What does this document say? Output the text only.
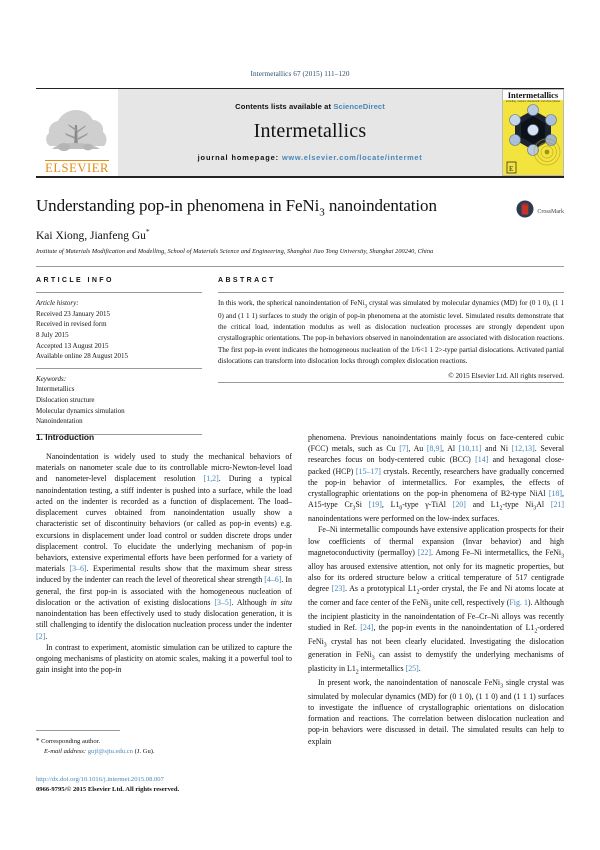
Intermetallics 67 (2015) 111–120
ELSEVIER
Contents lists available at ScienceDirect
Intermetallics
journal homepage: www.elsevier.com/locate/intermet
Intermetallics
including: complex, intermetallic and related phases
E
Understanding pop-in phenomena in FeNi$_3$ nanoindentation
Kai Xiong, Jianfeng Gu*
Institute of Materials Modification and Modelling, School of Materials Science and Engineering, Shanghai Jiao Tong University, Shanghai 200240, China
CrossMark
ARTICLE INFO
Article history:
Received 23 January 2015
Received in revised form
8 July 2015
Accepted 13 August 2015
Available online 28 August 2015
Keywords:
Intermetallics
Dislocation structure
Molecular dynamics simulation
Nanoindentation
ABSTRACT
In this work, the spherical nanoindentation of FeNi$_3$ crystal was simulated by molecular dynamics (MD) for (0 1 0), (1 1 0) and (1 1 1) surfaces to study the origin of pop-in phenomena at the atomistic level. Simulated results demonstrate that the critical load, indentation modulus as well as dislocation nucleation processes are strongly dependent upon crystallographic orientations. The pop-in behaviors observed in nanoindentation are associated with dislocation reactions. The first pop-in event indicates the homogeneous nucleation of the 1/6<1 1 2>-type partial dislocations. Activated partial dislocations can transform into dislocation locks through complex dislocation reactions.
© 2015 Elsevier Ltd. All rights reserved.
1. Introduction

Nanoindentation is widely used to study the mechanical behaviors of materials on nanometer scale due to its controllable micro-Newton-level load and nanometer-level displacement resolution [1,2]. During a typical nanoindentation testing, a stiff indenter is pushed into a surface, while the load acted on the indenter is recorded as a function of displacement. The load–displacement curves obtained from nanoindentation usually show a characteristic set of discontinuity behaviors (or called as pop-in events) e.g. excursions in displacement under load control or sudden discrete drops under displacement control. To elucidate the underlying mechanism of pop-in behaviors, extensive experimental efforts have been performed for a variety of materials [3–6]. Experimental results show that the maximum shear stress induced by the indenter can reach the level of theoretical shear strength [4–6]. In general, the first pop-in is associated with the homogeneous nucleation of dislocation or the activation of existing dislocations [3–5]. Although in situ nanoindentation has been effectively used to study dislocation generation, it is still challenging to identify the dislocation nucleation process under the indenter [2].

In contrast to experiment, atomistic simulation can be utilized to capture the ongoing mechanisms of plasticity on atomic scales, making it a powerful tool to gain insight into the pop-in

phenomena. Previous nanoindentations mainly focus on face-centered cubic (FCC) metals, such as Cu [7], Au [8,9], Al [10,11] and Ni [12,13]. Several researches focus on body-centered cubic (BCC) [14] and hexagonal close-packed (HCP) [15–17] crystals. Recently, researchers have gradually concerned the pop-in behavior of intermetallics. For examples, the effects of crystallographic orientations on the pop-in phenomena of B2-type NiAl [18], A15-type $Cr_3Si$ [19], $L1_0$-type γ-TiAl [20] and $L1_2$-type $Ni_3Al$ [21] nanoindentations were performed on the low-index surfaces.

Fe–Ni intermetallic compounds have extensive application prospects for their low coefficients of thermal expansion (Invar behavior) and high magnetoconductivity (permalloy) [22]. Among Fe–Ni intermetallics, the FeNi$_3$ alloy has aroused extensive attention, not only for its magnetic properties, but also for its ordered structure below a critical temperature of 517 centigrade degree [23]. As a prototypical $L1_2$-order crystal, the Fe and Ni atoms locate at the corner and face center of the FeNi$_3$ unite cell, respectively (Fig. 1). Although the incipient plasticity in the nanoindentation of Fe–Cr–Ni alloys was recently studied in Ref. [24], the pop-in events in the nanoindentation of $L1_2$-ordered FeNi$_3$ crystal has not been clearly elucidated. Investigating the dislocation generation in FeNi$_3$ can assist to demystify the underlying mechanisms of plasticity in $L1_2$ intermetallics [25].

In present work, the nanoindentation of nanoscale FeNi$_3$ single crystal was simulated by molecular dynamics (MD) for (0 1 0), (1 1 0) and (1 1 1) surfaces to investigate the influence of crystallographic orientations on dislocation formation and reactions. The correlation between dislocation nucleation and pop-in behaviors were discussed in detail. The simulated results can help to explain

* Corresponding author.
E-mail address: gujf@sjtu.edu.cn (J. Gu).
http://dx.doi.org/10.1016/j.intermet.2015.08.007
0966-9795/© 2015 Elsevier Ltd. All rights reserved.
